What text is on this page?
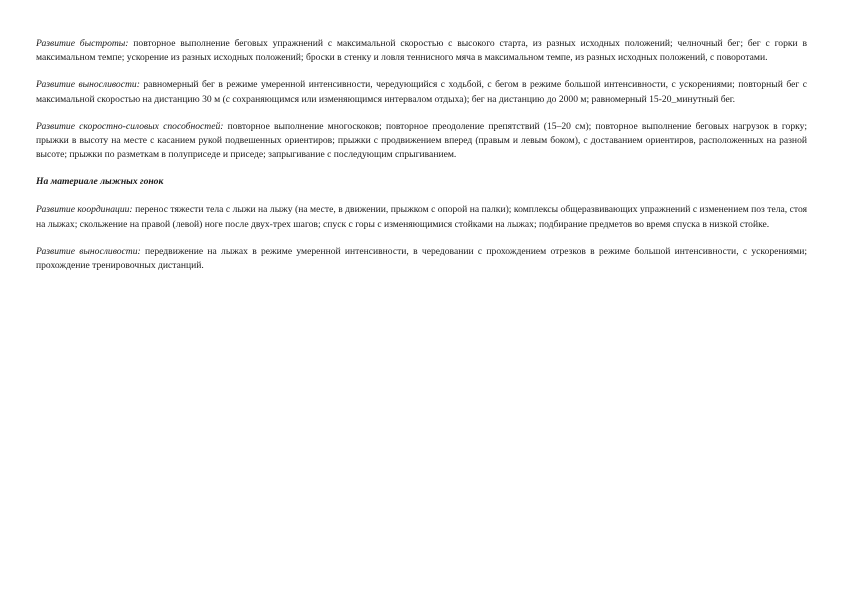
Развитие быстроты: повторное выполнение беговых упражнений с максимальной скоростью с высокого старта, из разных исходных положений; челночный бег; бег с горки в максимальном темпе; ускорение из разных исходных положений; броски в стенку и ловля теннисного мяча в максимальном темпе, из разных исходных положений, с поворотами.

Развитие выносливости: равномерный бег в режиме умеренной интенсивности, чередующийся с ходьбой, с бегом в режиме большой интенсивности, с ускорениями; повторный бег с максимальной скоростью на дистанцию 30 м (с сохраняющимся или изменяющимся интервалом отдыха); бег на дистанцию до 2000 м; равномерный 15-20_минутный бег.

Развитие скоростно-силовых способностей: повторное выполнение многоскоков; повторное преодоление препятствий (15–20 см); повторное выполнение беговых нагрузок в горку; прыжки в высоту на месте с касанием рукой подвешенных ориентиров; прыжки с продвижением вперед (правым и левым боком), с доставанием ориентиров, расположенных на разной высоте; прыжки по разметкам в полуприседе и приседе; запрыгивание с последующим спрыгиванием.

На материале лыжных гонок

Развитие координации: перенос тяжести тела с лыжи на лыжу (на месте, в движении, прыжком с опорой на палки); комплексы общеразвивающих упражнений с изменением поз тела, стоя на лыжах; скольжение на правой (левой) ноге после двух-трех шагов; спуск с горы с изменяющимися стойками на лыжах; подбирание предметов во время спуска в низкой стойке.

Развитие выносливости: передвижение на лыжах в режиме умеренной интенсивности, в чередовании с прохождением отрезков в режиме большой интенсивности, с ускорениями; прохождение тренировочных дистанций.
